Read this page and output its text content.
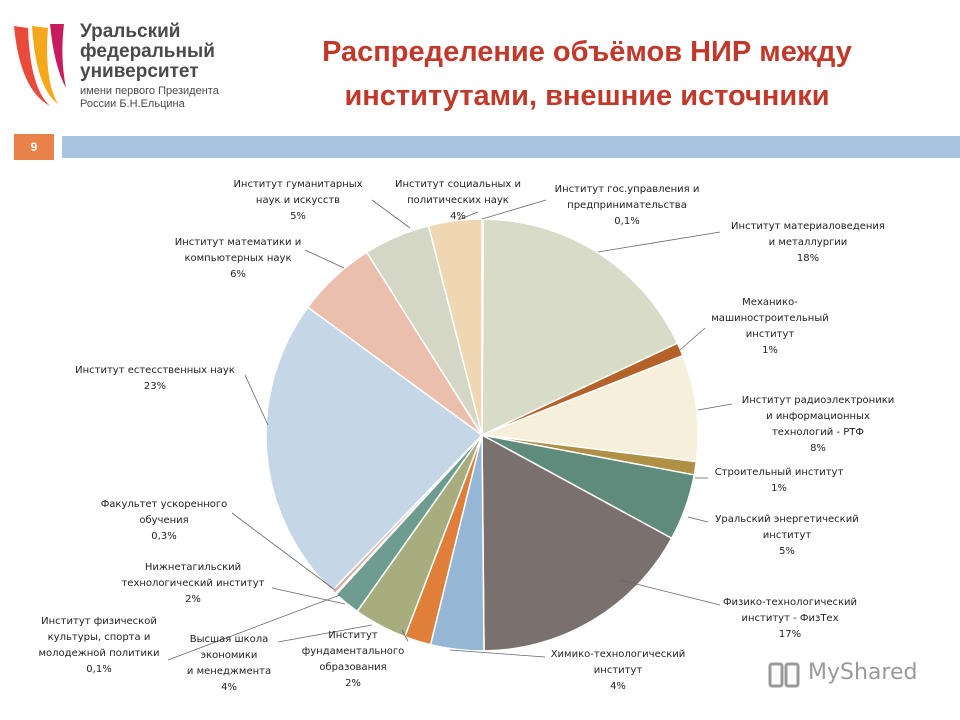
Уральский
федеральный
университет
имени первого Президента
России Б.Н.Ельцина
Распределение объёмов НИР между
институтами, внешние источники
9
Институт гос.управления и предпринимательства 0,1%	Институт материаловедения и металлургии 18%
Механико-машиностроительный институт 1%
Институт радиоэлектроники и информационных технологий - РТФ 8%
Строительный институт 1%
Уральский энергетический институт 5%
Физико-технологический институт - ФизТех 17%
Химико-технологический институт 4%
Институт фундаментального образования 2%
Высшая школа экономики и менеджмента 4%
Нижнетагильский технологический институт 2%
Институт физической культуры, спорта и молодежной политики 0,1%
Факультет ускоренного обучения 0,3%
Институт естесственных наук 23%
Институт математики и компьютерных наук 6%
Институт гуманитарных наук и искусств 5%
Институт социальных и политических наук 4%
MyShared
